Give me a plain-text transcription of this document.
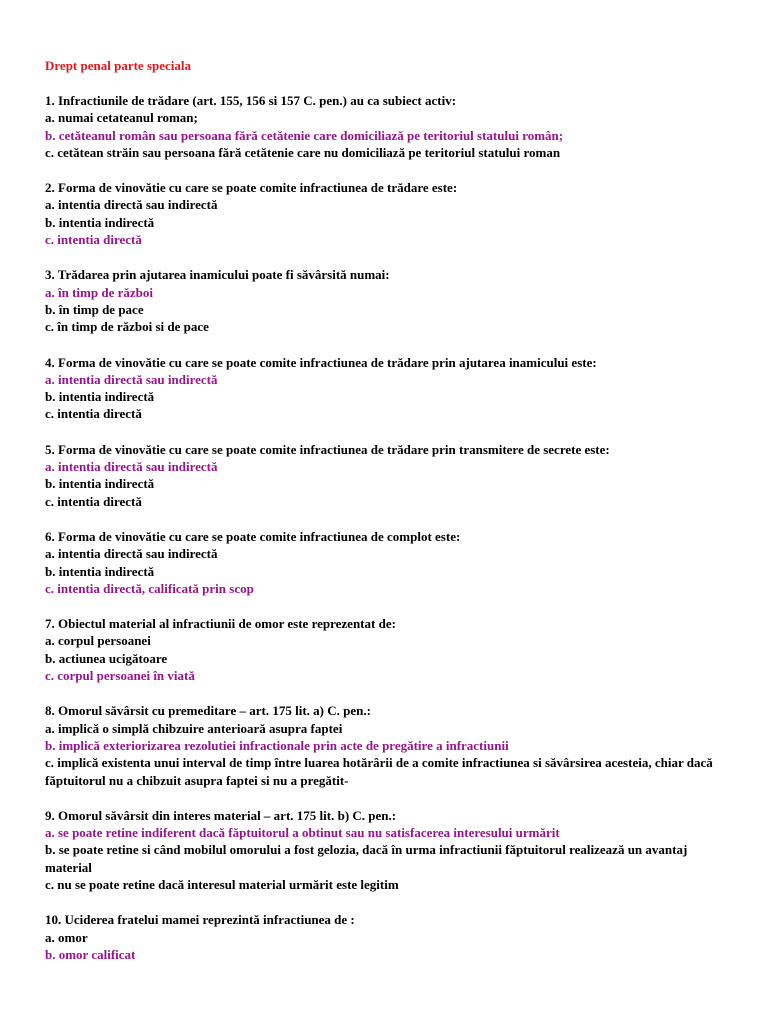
Drept penal parte speciala
1. Infractiunile de trădare (art. 155, 156 si 157 C. pen.) au ca subiect activ:
a. numai cetateanul roman;
b. cetăteanul român sau persoana fără cetătenie care domiciliază pe teritoriul statului român;
c. cetătean străin sau persoana fără cetătenie care nu domiciliază pe teritoriul statului roman
2. Forma de vinovătie cu care se poate comite infractiunea de trădare este:
a. intentia directă sau indirectă
b. intentia indirectă
c. intentia directă
3. Trădarea prin ajutarea inamicului poate fi săvârsită numai:
a. în timp de război
b. în timp de pace
c. în timp de război si de pace
4. Forma de vinovătie cu care se poate comite infractiunea de trădare prin ajutarea inamicului este:
a. intentia directă sau indirectă
b. intentia indirectă
c. intentia directă
5. Forma de vinovătie cu care se poate comite infractiunea de trădare prin transmitere de secrete este:
a. intentia directă sau indirectă
b. intentia indirectă
c. intentia directă
6. Forma de vinovătie cu care se poate comite infractiunea de complot este:
a. intentia directă sau indirectă
b. intentia indirectă
c. intentia directă, calificată prin scop
7. Obiectul material al infractiunii de omor este reprezentat de:
a. corpul persoanei
b. actiunea ucigătoare
c. corpul persoanei în viată
8. Omorul săvârsit cu premeditare – art. 175 lit. a) C. pen.:
a. implică o simplă chibzuire anterioară asupra faptei
b. implică exteriorizarea rezolutiei infractionale prin acte de pregătire a infractiunii
c. implică existenta unui interval de timp între luarea hotărârii de a comite infractiunea si săvârsirea acesteia, chiar dacă făptuitorul nu a chibzuit asupra faptei si nu a pregătit-
9. Omorul săvârsit din interes material – art. 175 lit. b) C. pen.:
a. se poate retine indiferent dacă făptuitorul a obtinut sau nu satisfacerea interesului urmărit
b. se poate retine si când mobilul omorului a fost gelozia, dacă în urma infractiunii făptuitorul realizează un avantaj material
c. nu se poate retine dacă interesul material urmărit este legitim
10. Uciderea fratelui mamei reprezintă infractiunea de :
a. omor
b. omor calificat
